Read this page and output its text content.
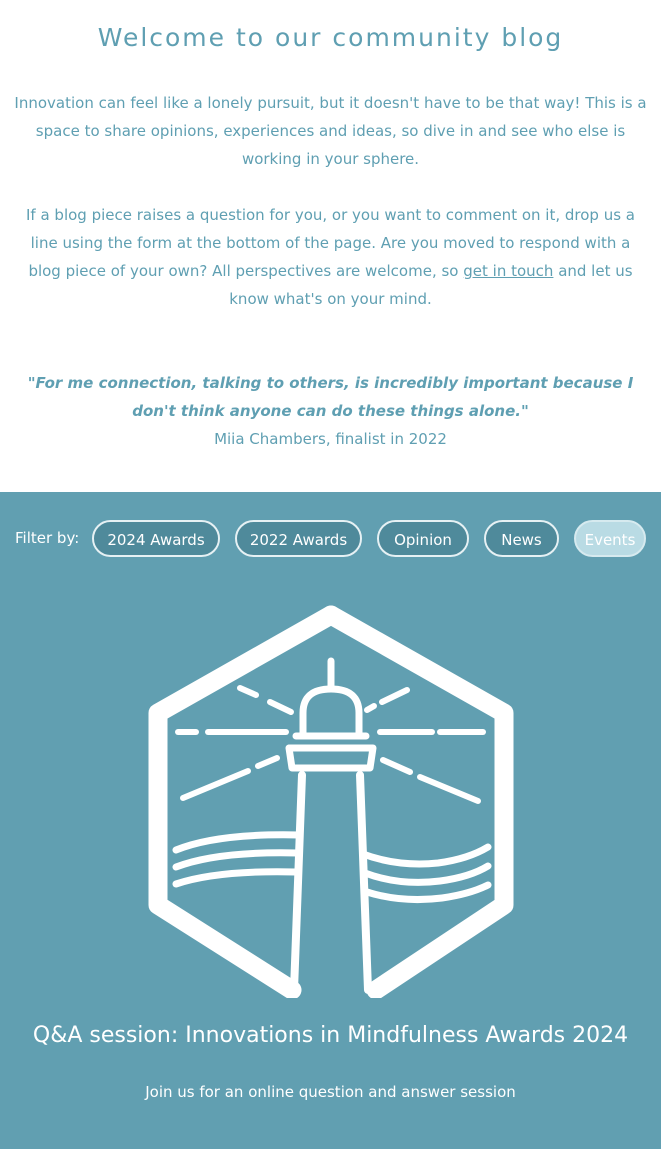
Welcome to our community blog

Innovation can feel like a lonely pursuit, but it doesn't have to be that way! This is a space to share opinions, experiences and ideas, so dive in and see who else is working in your sphere.

If a blog piece raises a question for you, or you want to comment on it, drop us a line using the form at the bottom of the page. Are you moved to respond with a blog piece of your own? All perspectives are welcome, so get in touch and let us know what's on your mind.

"For me connection, talking to others, is incredibly important because I don't think anyone can do these things alone."

Miia Chambers, finalist in 2022

Filter by:	2024 Awards	2022 Awards	Opinion	News	Events
Q&A session: Innovations in Mindfulness Awards 2024

Join us for an online question and answer session
